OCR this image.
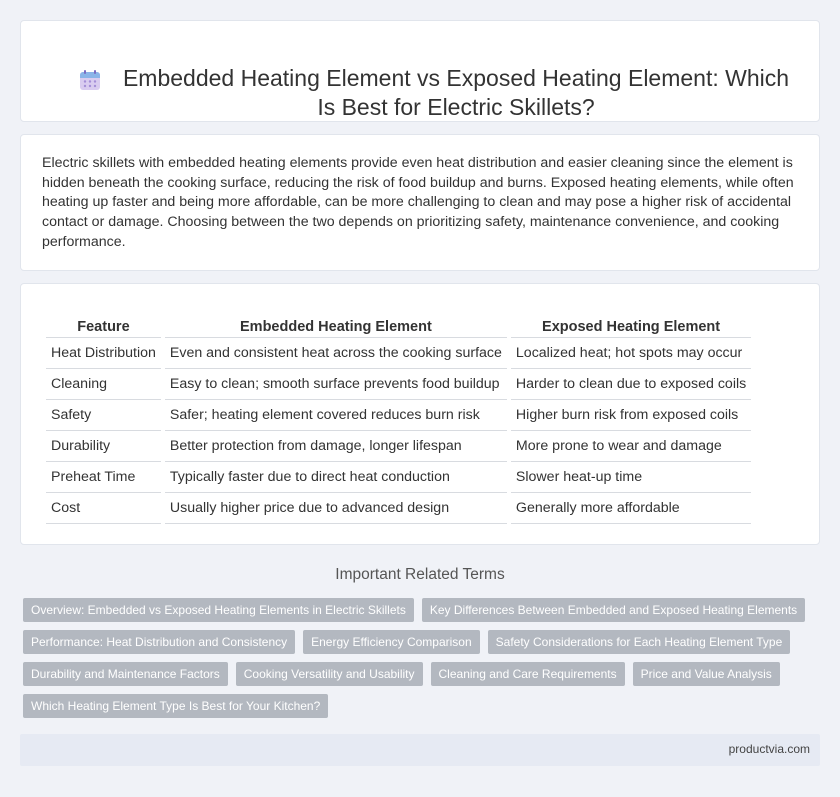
Embedded Heating Element vs Exposed Heating Element: Which Is Best for Electric Skillets?

Electric skillets with embedded heating elements provide even heat distribution and easier cleaning since the element is hidden beneath the cooking surface, reducing the risk of food buildup and burns. Exposed heating elements, while often heating up faster and being more affordable, can be more challenging to clean and may pose a higher risk of accidental contact or damage. Choosing between the two depends on prioritizing safety, maintenance convenience, and cooking performance.

Feature	Embedded Heating Element	Exposed Heating Element
Heat Distribution	Even and consistent heat across the cooking surface	Localized heat; hot spots may occur
Cleaning	Easy to clean; smooth surface prevents food buildup	Harder to clean due to exposed coils
Safety	Safer; heating element covered reduces burn risk	Higher burn risk from exposed coils
Durability	Better protection from damage, longer lifespan	More prone to wear and damage
Preheat Time	Typically faster due to direct heat conduction	Slower heat-up time
Cost	Usually higher price due to advanced design	Generally more affordable
Important Related Terms
Overview: Embedded vs Exposed Heating Elements in Electric Skillets	Key Differences Between Embedded and Exposed Heating Elements
Performance: Heat Distribution and Consistency	Energy Efficiency Comparison	Safety Considerations for Each Heating Element Type
Durability and Maintenance Factors	Cooking Versatility and Usability	Cleaning and Care Requirements	Price and Value Analysis
Which Heating Element Type Is Best for Your Kitchen?
productvia.com
